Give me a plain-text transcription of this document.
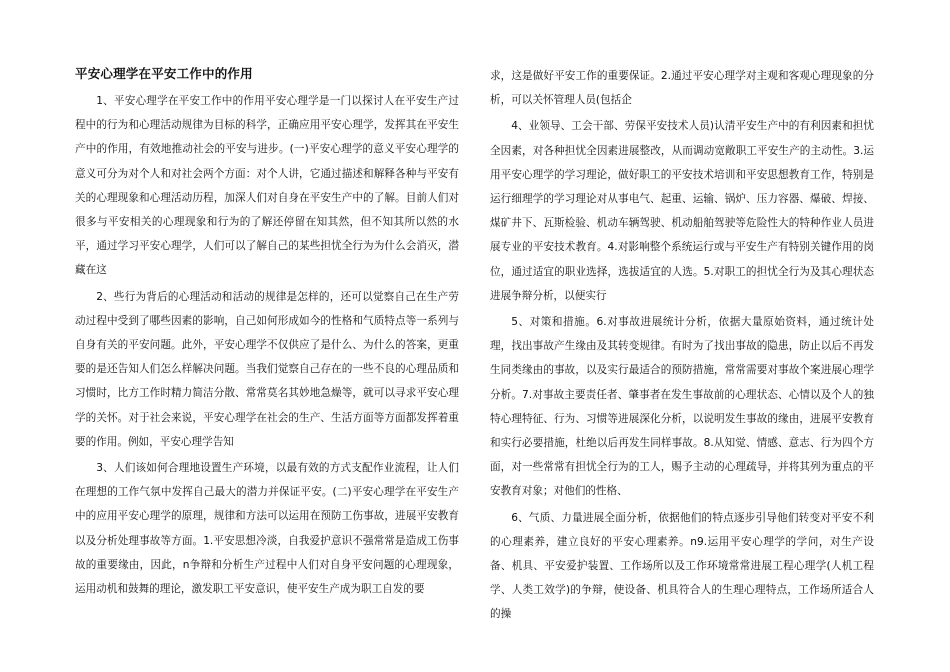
平安心理学在平安工作中的作用

1、平安心理学在平安工作中的作用平安心理学是一门以探讨人在平安生产过程中的行为和心理活动规律为目标的科学，正确应用平安心理学，发挥其在平安生产中的作用，有效地推动社会的平安与进步。(一)平安心理学的意义平安心理学的意义可分为对个人和对社会两个方面：对个人讲，它通过描述和解释各种与平安有关的心理现象和心理活动历程，加深人们对自身在平安生产中的了解。目前人们对很多与平安相关的心理现象和行为的了解还停留在知其然，但不知其所以然的水平，通过学习平安心理学，人们可以了解自己的某些担忧全行为为什么会消灭，潜藏在这

2、些行为背后的心理活动和活动的规律是怎样的，还可以觉察自己在生产劳动过程中受到了哪些因素的影响，自己如何形成如今的性格和气质特点等一系列与自身有关的平安问题。此外，平安心理学不仅供应了是什么、为什么的答案，更重要的是还告知人们怎么样解决问题。当我们觉察自己存在的一些不良的心理品质和习惯时，比方工作时精力简洁分散、常常莫名其妙地急燥等，就可以寻求平安心理学的关怀。对于社会来说，平安心理学在社会的生产、生活方面等方面都发挥着重要的作用。例如，平安心理学告知

3、人们该如何合理地设置生产环境，以最有效的方式支配作业流程，让人们在理想的工作气氛中发挥自己最大的潜力并保证平安。(二)平安心理学在平安生产中的应用平安心理学的原理，规律和方法可以运用在预防工伤事故，进展平安教育以及分析处理事故等方面。1.平安思想冷淡，自我爱护意识不强常常是造成工伤事故的重要缘由，因此，n争辩和分析生产过程中人们对自身平安问题的心理现象，运用动机和鼓舞的理论，激发职工平安意识，使平安生产成为职工自发的要

求，这是做好平安工作的重要保证。2.通过平安心理学对主观和客观心理现象的分析，可以关怀管理人员(包括企

4、业领导、工会干部、劳保平安技术人员)认清平安生产中的有利因素和担忧全因素，对各种担忧全因素进展整改，从而调动宽敞职工平安生产的主动性。3.运用平安心理学的学习理论，做好职工的平安技术培训和平安思想教育工作，特别是运行细理学的学习理论对从事电气、起重、运输、锅炉、压力容器、爆破、焊接、煤矿井下、瓦斯检验、机动车辆驾驶、机动船舶驾驶等危险性大的特种作业人员进展专业的平安技术教育。4.对影响整个系统运行或与平安生产有特别关键作用的岗位，通过适宜的职业选择，选拔适宜的人选。5.对职工的担忧全行为及其心理状态进展争辩分析，以便实行

5、对策和措施。6.对事故进展统计分析，依据大量原始资料，通过统计处理，找出事故产生缘由及其转变规律。有时为了找出事故的隐患，防止以后不再发生同类缘由的事故，以及实行最适合的预防措施，常常需要对事故个案进展心理学分析。7.对事故主要责任者、肇事者在发生事故前的心理状态、心情以及个人的独特心理特征、行为、习惯等进展深化分析，以说明发生事故的缘由，进展平安教育和实行必要措施，杜绝以后再发生同样事故。8.从知觉、情感、意志、行为四个方面，对一些常常有担忧全行为的工人，赐予主动的心理疏导，并将其列为重点的平安教育对象；对他们的性格、

6、气质、力量进展全面分析，依据他们的特点逐步引导他们转变对平安不利的心理素养，建立良好的平安心理素养。n9.运用平安心理学的学问，对生产设备、机具、平安爱护装置、工作场所以及工作环境常常进展工程心理学(人机工程学、人类工效学)的争辩，使设备、机具符合人的生理心理特点，工作场所适合人的操
